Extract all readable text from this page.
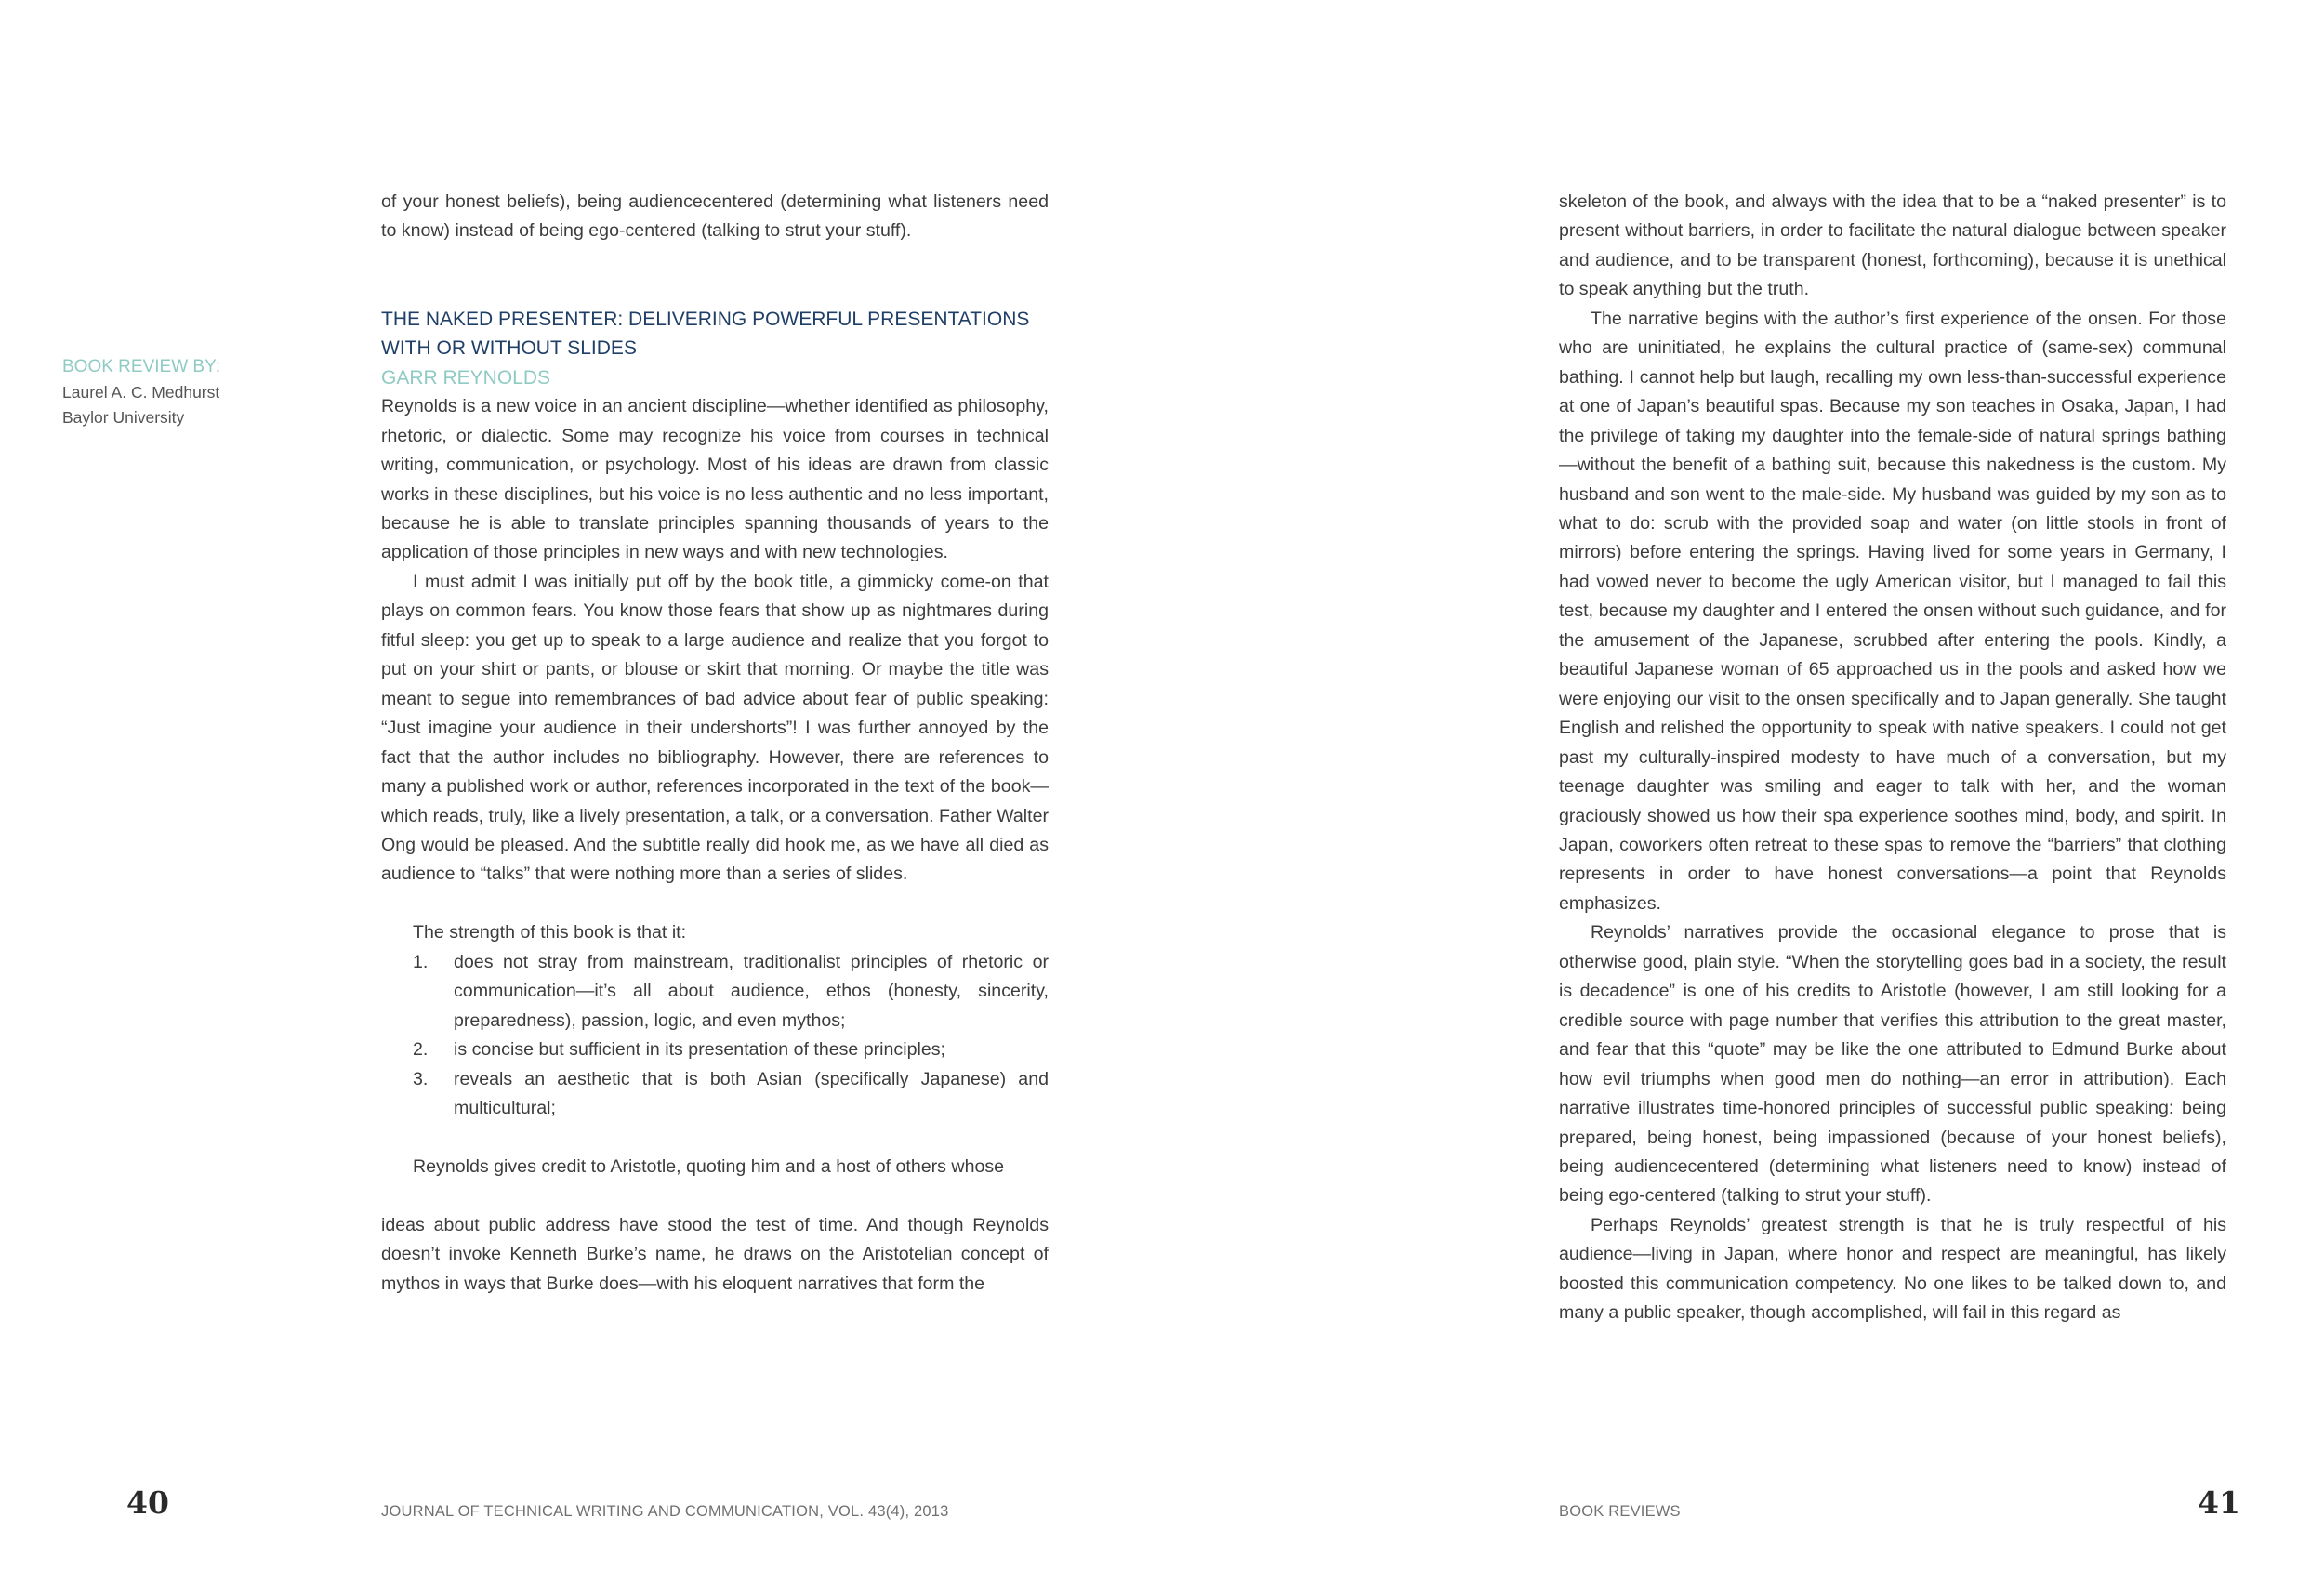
BOOK REVIEW BY:
Laurel A. C. Medhurst
Baylor University

of your honest beliefs), being audiencecentered (determining what listeners need to know) instead of being ego-centered (talking to strut your stuff).

THE NAKED PRESENTER: DELIVERING POWERFUL PRESENTATIONS
WITH OR WITHOUT SLIDES
GARR REYNOLDS

Reynolds is a new voice in an ancient discipline—whether identified as philosophy, rhetoric, or dialectic. Some may recognize his voice from courses in technical writing, communication, or psychology. Most of his ideas are drawn from classic works in these disciplines, but his voice is no less authentic and no less important, because he is able to translate principles spanning thousands of years to the application of those principles in new ways and with new technologies.

I must admit I was initially put off by the book title, a gimmicky come-on that plays on common fears. You know those fears that show up as nightmares during fitful sleep: you get up to speak to a large audience and realize that you forgot to put on your shirt or pants, or blouse or skirt that morning. Or maybe the title was meant to segue into remembrances of bad advice about fear of public speaking: “Just imagine your audience in their undershorts”! I was further annoyed by the fact that the author includes no bibliography. However, there are references to many a published work or author, references incorporated in the text of the book—which reads, truly, like a lively presentation, a talk, or a conversation. Father Walter Ong would be pleased. And the subtitle really did hook me, as we have all died as audience to “talks” that were nothing more than a series of slides.

The strength of this book is that it:

1. does not stray from mainstream, traditionalist principles of rhetoric or communication—it’s all about audience, ethos (honesty, sincerity, preparedness), passion, logic, and even mythos;
2. is concise but sufficient in its presentation of these principles;
3. reveals an aesthetic that is both Asian (specifically Japanese) and multicultural;

Reynolds gives credit to Aristotle, quoting him and a host of others whose

ideas about public address have stood the test of time. And though Reynolds doesn’t invoke Kenneth Burke’s name, he draws on the Aristotelian concept of mythos in ways that Burke does—with his eloquent narratives that form the

skeleton of the book, and always with the idea that to be a “naked presenter” is to present without barriers, in order to facilitate the natural dialogue between speaker and audience, and to be transparent (honest, forthcoming), because it is unethical to speak anything but the truth.

The narrative begins with the author’s first experience of the onsen. For those who are uninitiated, he explains the cultural practice of (same-sex) communal bathing. I cannot help but laugh, recalling my own less-than-successful experience at one of Japan’s beautiful spas. Because my son teaches in Osaka, Japan, I had the privilege of taking my daughter into the female-side of natural springs bathing—without the benefit of a bathing suit, because this nakedness is the custom. My husband and son went to the male-side. My husband was guided by my son as to what to do: scrub with the provided soap and water (on little stools in front of mirrors) before entering the springs. Having lived for some years in Germany, I had vowed never to become the ugly American visitor, but I managed to fail this test, because my daughter and I entered the onsen without such guidance, and for the amusement of the Japanese, scrubbed after entering the pools. Kindly, a beautiful Japanese woman of 65 approached us in the pools and asked how we were enjoying our visit to the onsen specifically and to Japan generally. She taught English and relished the opportunity to speak with native speakers. I could not get past my culturally-inspired modesty to have much of a conversation, but my teenage daughter was smiling and eager to talk with her, and the woman graciously showed us how their spa experience soothes mind, body, and spirit. In Japan, coworkers often retreat to these spas to remove the “barriers” that clothing represents in order to have honest conversations—a point that Reynolds emphasizes.

Reynolds’ narratives provide the occasional elegance to prose that is otherwise good, plain style. “When the storytelling goes bad in a society, the result is decadence” is one of his credits to Aristotle (however, I am still looking for a credible source with page number that verifies this attribution to the great master, and fear that this “quote” may be like the one attributed to Edmund Burke about how evil triumphs when good men do nothing—an error in attribution). Each narrative illustrates time-honored principles of successful public speaking: being prepared, being honest, being impassioned (because of your honest beliefs), being audiencecentered (determining what listeners need to know) instead of being ego-centered (talking to strut your stuff).

Perhaps Reynolds’ greatest strength is that he is truly respectful of his audience—living in Japan, where honor and respect are meaningful, has likely boosted this communication competency. No one likes to be talked down to, and many a public speaker, though accomplished, will fail in this regard as

40	JOURNAL OF TECHNICAL WRITING AND COMMUNICATION, VOL. 43(4), 2013	BOOK REVIEWS	41
